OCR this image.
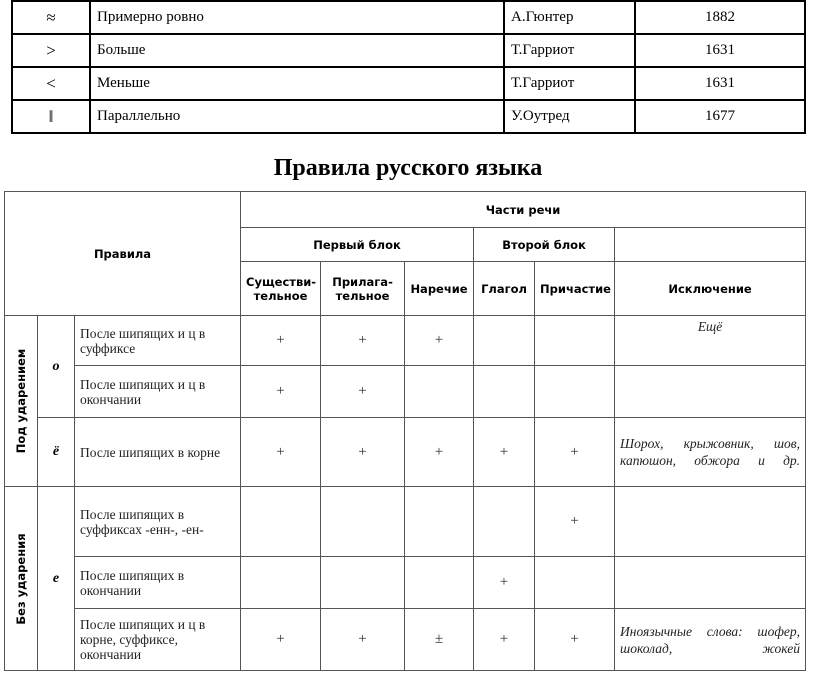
≈	Примерно ровно	А.Гюнтер	1882
>	Больше	Т.Гарриот	1631
<	Меньше	Т.Гарриот	1631
‖	Параллельно	У.Оутред	1677
Правила русского языка
Правила			Части речи					
			Первый блок			Второй блок		
			Существи- тельное	Прилага- тельное	Наречие	Глагол	Причастие	Исключение

Под ударением	о	После шипящих и ц в суффиксе	+	+	+			Ещё
		После шипящих и ц в окончании	+	+				
	ё	После шипящих в корне	+	+	+	+	+	Шорох, крыжовник, шов, капюшон, обжора и др.

Без ударения	е	После шипящих в суффиксах -енн-, -ен-					+	
		После шипящих в окончании				+		
		После шипящих и ц в корне, суффиксе, окончании	+	+	±	+	+	Иноязычные слова: шофер, шоколад, жокей
